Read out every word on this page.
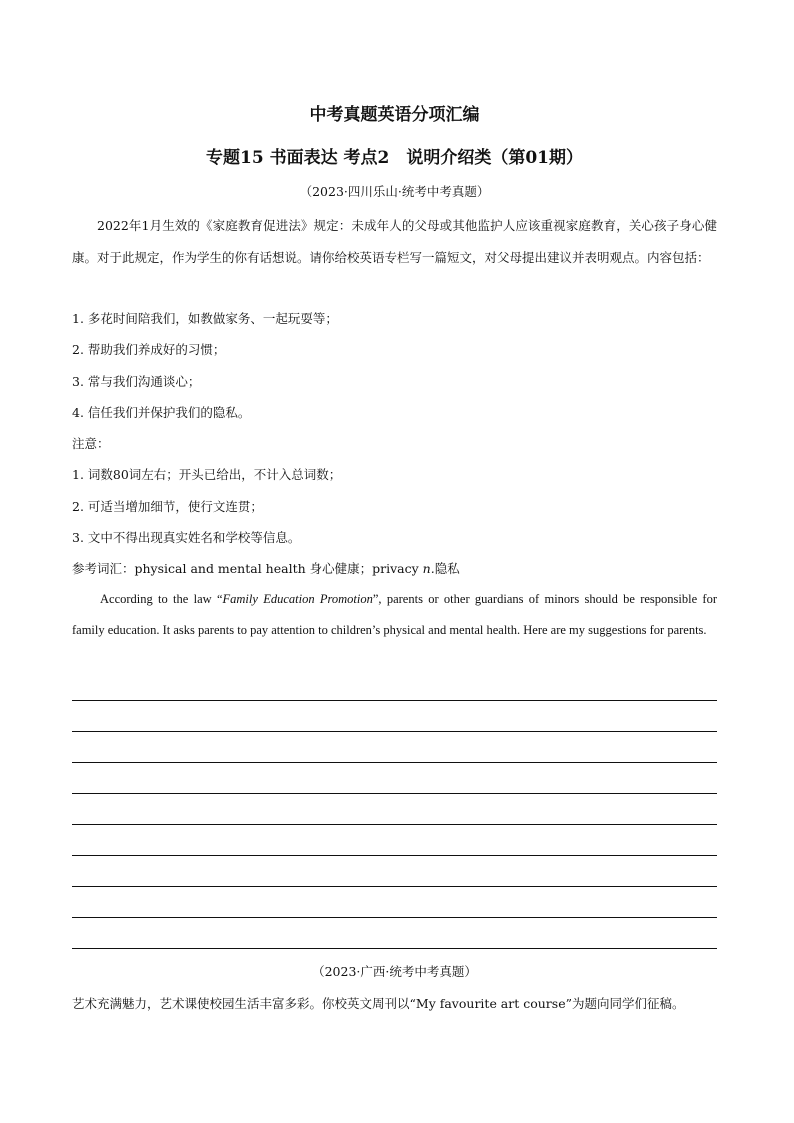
中考真题英语分项汇编
专题15 书面表达 考点2　说明介绍类（第01期）
（2023·四川乐山·统考中考真题）
2022年1月生效的《家庭教育促进法》规定：未成年人的父母或其他监护人应该重视家庭教育，关心孩子身心健康。对于此规定，作为学生的你有话想说。请你给校英语专栏写一篇短文，对父母提出建议并表明观点。内容包括：
1. 多花时间陪我们，如教做家务、一起玩耍等；
2. 帮助我们养成好的习惯；
3. 常与我们沟通谈心；
4. 信任我们并保护我们的隐私。
注意：
1. 词数80词左右；开头已给出，不计入总词数；
2. 可适当增加细节，使行文连贯；
3. 文中不得出现真实姓名和学校等信息。
参考词汇：physical and mental health 身心健康；privacy n.隐私
According to the law “Family Education Promotion”, parents or other guardians of minors should be responsible for family education. It asks parents to pay attention to children’s physical and mental health. Here are my suggestions for parents.
（2023·广西·统考中考真题）
艺术充满魅力，艺术课使校园生活丰富多彩。你校英文周刊以“My favourite art course”为题向同学们征稿。
